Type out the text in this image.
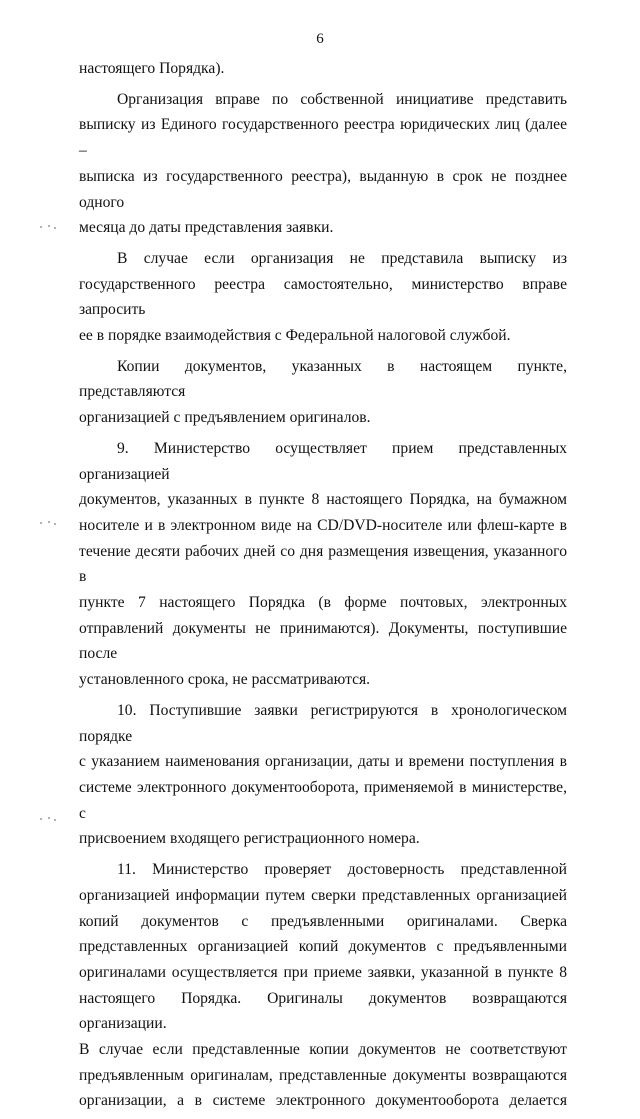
6
настоящего Порядка).
Организация вправе по собственной инициативе представить
выписку из Единого государственного реестра юридических лиц (далее –
выписка из государственного реестра), выданную в срок не позднее одного
месяца до даты представления заявки.
В случае если организация не представила выписку из
государственного реестра самостоятельно, министерство вправе запросить
ее в порядке взаимодействия с Федеральной налоговой службой.
Копии документов, указанных в настоящем пункте, представляются
организацией с предъявлением оригиналов.
9. Министерство осуществляет прием представленных организацией
документов, указанных в пункте 8 настоящего Порядка, на бумажном
носителе и в электронном виде на CD/DVD-носителе или флеш-карте в
течение десяти рабочих дней со дня размещения извещения, указанного в
пункте 7 настоящего Порядка (в форме почтовых, электронных
отправлений документы не принимаются). Документы, поступившие после
установленного срока, не рассматриваются.
10. Поступившие заявки регистрируются в хронологическом порядке
с указанием наименования организации, даты и времени поступления в
системе электронного документооборота, применяемой в министерстве, с
присвоением входящего регистрационного номера.
11. Министерство проверяет достоверность представленной
организацией информации путем сверки представленных организацией
копий документов с предъявленными оригиналами. Сверка
представленных организацией копий документов с предъявленными
оригиналами осуществляется при приеме заявки, указанной в пункте 8
настоящего Порядка. Оригиналы документов возвращаются организации.
В случае если представленные копии документов не соответствуют
предъявленным оригиналам, представленные документы возвращаются
организации, а в системе электронного документооборота делается
